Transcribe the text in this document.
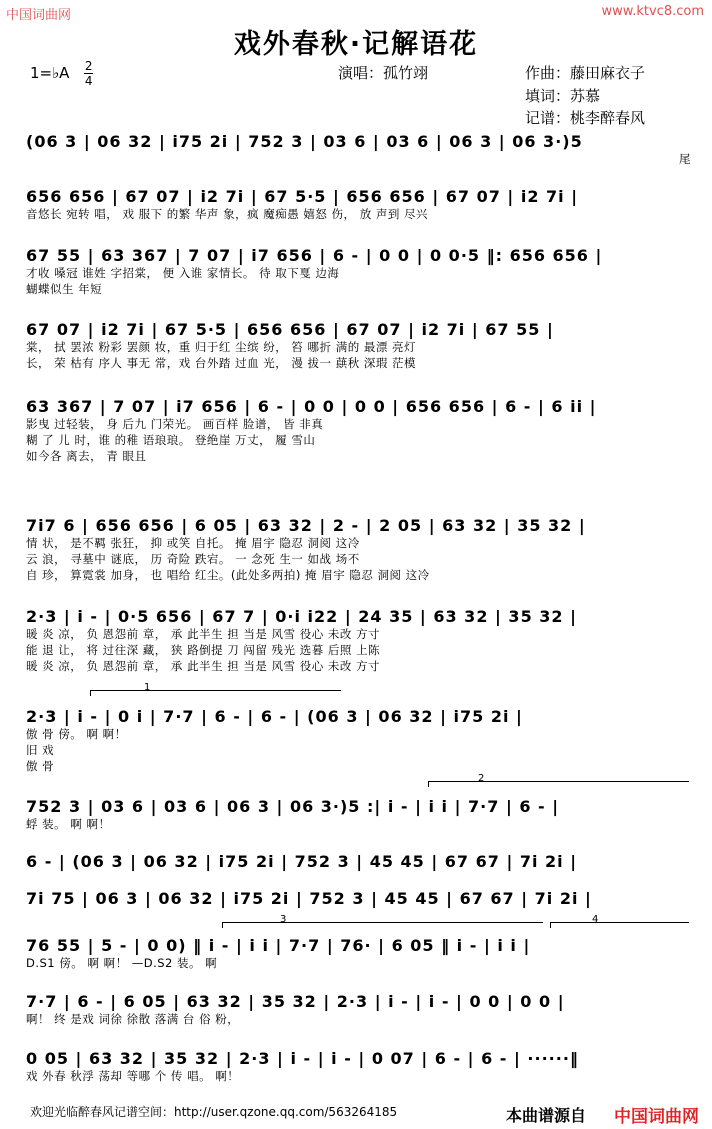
中国词曲网	www.ktvc8.com
戏外春秋·记解语花
1=♭A $\frac{2}{4}$	演唱：孤竹翊	作曲：藤田麻衣子
填词：苏慕
记谱：桃李醉春风
(06 3 | 06 32 | i75 2i | 752 3 | 03 6 | 03 6 | 06 3 | 06 3·)5
尾
656 656 | 67 07 | i2 7i | 67 5·5 | 656 656 | 67 07 | i2 7i |
音悠长 宛转 唱， 戏 服下 的繁 华声 象，疯 魔痴愚 嬉怒 伤， 放 声到 尽兴
67 55 | 63 367 | 7 07 | i7 656 | 6 - | 0 0 | 0 0·5 ‖: 656 656 |
才收 嗓冠 谁姓 字招棠， 便 入谁 家情长。 待 取下戛 边海
蝴蝶似生 年短
67 07 | i2 7i | 67 5·5 | 656 656 | 67 07 | i2 7i | 67 55 |
棠， 拭 罢浓 粉彩 罢颜 妆，重 归于红 尘缤 纷， 笞 哪折 满的 最漂 亮灯
长， 荣 枯有 序人 事无 常，戏 台外踏 过血 光， 漫 拔一 蕻秋 深瑕 茫模
63 367 | 7 07 | i7 656 | 6 - | 0 0 | 0 0 | 656 656 | 6 - | 6 ii |
影曳 过轻装， 身 后九 门荣光。 画百样 脸谱， 皆 非真
糊 了 儿 时，谁 的稚 语琅琅。 登绝崖 万丈， 履 雪山
如今各 离去， 青 眼且
7i7 6 | 656 656 | 6 05 | 63 32 | 2 - | 2 05 | 63 32 | 35 32 |
情 状， 是不羁 张狂， 抑 或笑 自托。 掩 眉宇 隐忍 洞阅 这冷
云 浪， 寻墓中 谜底， 历 奇险 跌宕。 一 念死 生一 如战 场不
自 珍， 算霓裳 加身， 也 唱给 红尘。(此处多两拍) 掩 眉宇 隐忍 洞阅 这冷
2·3 | i - | 0·5 656 | 67 7 | 0·i i22 | 24 35 | 63 32 | 35 32 |
暖 炎 凉， 负 恩怨前 章， 承 此半生 担 当是 风雪 役心 未改 方寸
能 退 让， 将 过往深 藏， 狭 路倒提 刀 闯留 残光 选暮 后照 上陈
暖 炎 凉， 负 恩怨前 章， 承 此半生 担 当是 风雪 役心 未改 方寸
1
2·3 | i - | 0 i | 7·7 | 6 - | 6 - | (06 3 | 06 32 | i75 2i |
傲 骨 傍。 啊 啊！
旧 戏
傲 骨
2
752 3 | 03 6 | 03 6 | 06 3 | 06 3·)5 :| i - | i i | 7·7 | 6 - |
蜉 装。 啊 啊！
6 - | (06 3 | 06 32 | i75 2i | 752 3 | 45 45 | 67 67 | 7i 2i |
7i 75 | 06 3 | 06 32 | i75 2i | 752 3 | 45 45 | 67 67 | 7i 2i |
3	4
76 55 | 5 - | 0 0) ‖ i - | i i | 7·7 | 76· | 6 05 ‖ i - | i i |
D.S1 傍。 啊 啊！ —D.S2 装。 啊
7·7 | 6 - | 6 05 | 63 32 | 35 32 | 2·3 | i - | i - | 0 0 | 0 0 |
啊！ 终 是戏 词徐 徐散 落满 台 俗 粉，
0 05 | 63 32 | 35 32 | 2·3 | i - | i - | 0 07 | 6 - | 6 - | ······‖
戏 外春 秋浮 荡却 等哪 个 传 唱。 啊！
欢迎光临醉春风记谱空间：http://user.qzone.qq.com/563264185	本曲谱源自 中国词曲网
